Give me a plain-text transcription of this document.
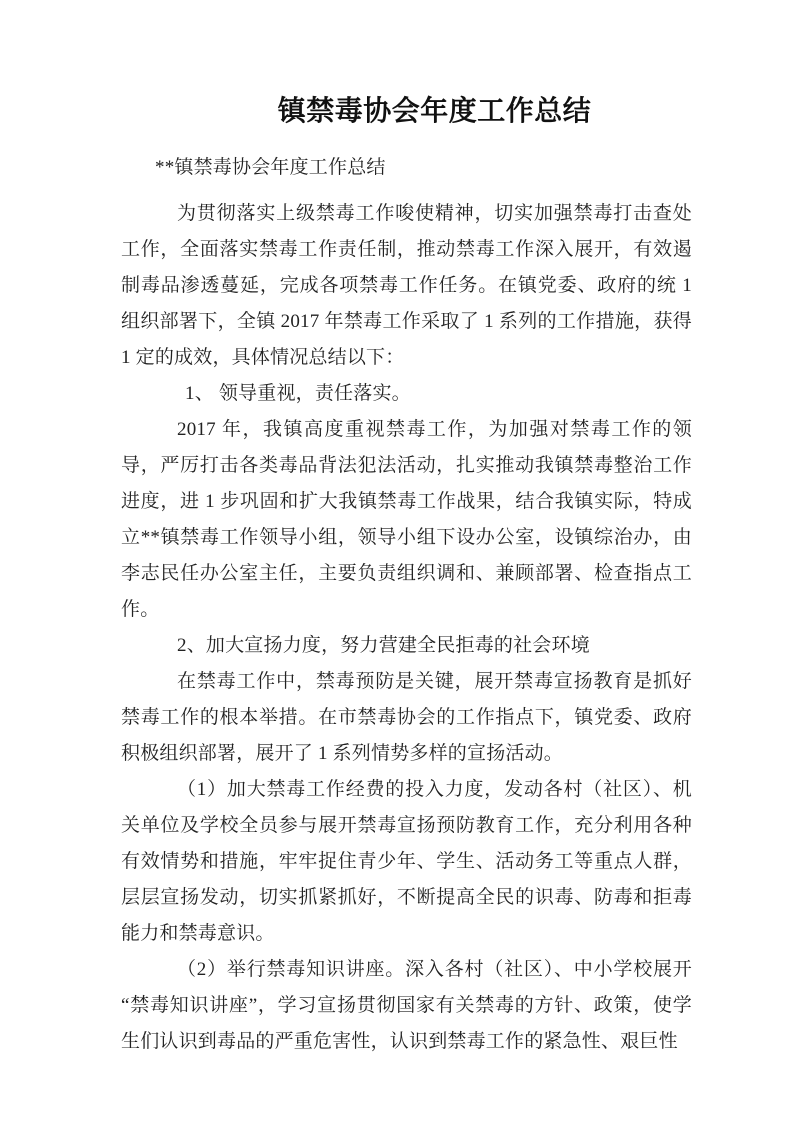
镇禁毒协会年度工作总结

**镇禁毒协会年度工作总结

为贯彻落实上级禁毒工作唆使精神，切实加强禁毒打击查处工作，全面落实禁毒工作责任制，推动禁毒工作深入展开，有效遏制毒品渗透蔓延，完成各项禁毒工作任务。在镇党委、政府的统 1 组织部署下，全镇 2017 年禁毒工作采取了 1 系列的工作措施，获得 1 定的成效，具体情况总结以下：

1、 领导重视，责任落实。

2017 年，我镇高度重视禁毒工作，为加强对禁毒工作的领导，严厉打击各类毒品背法犯法活动，扎实推动我镇禁毒整治工作进度，进 1 步巩固和扩大我镇禁毒工作战果，结合我镇实际，特成立**镇禁毒工作领导小组，领导小组下设办公室，设镇综治办，由李志民任办公室主任，主要负责组织调和、兼顾部署、检查指点工作。

2、加大宣扬力度，努力营建全民拒毒的社会环境

在禁毒工作中，禁毒预防是关键，展开禁毒宣扬教育是抓好禁毒工作的根本举措。在市禁毒协会的工作指点下，镇党委、政府积极组织部署，展开了 1 系列情势多样的宣扬活动。

（1）加大禁毒工作经费的投入力度，发动各村（社区）、机关单位及学校全员参与展开禁毒宣扬预防教育工作，充分利用各种有效情势和措施，牢牢捉住青少年、学生、活动务工等重点人群，层层宣扬发动，切实抓紧抓好，不断提高全民的识毒、防毒和拒毒能力和禁毒意识。

（2）举行禁毒知识讲座。深入各村（社区）、中小学校展开“禁毒知识讲座”，学习宣扬贯彻国家有关禁毒的方针、政策，使学生们认识到毒品的严重危害性，认识到禁毒工作的紧急性、艰巨性
